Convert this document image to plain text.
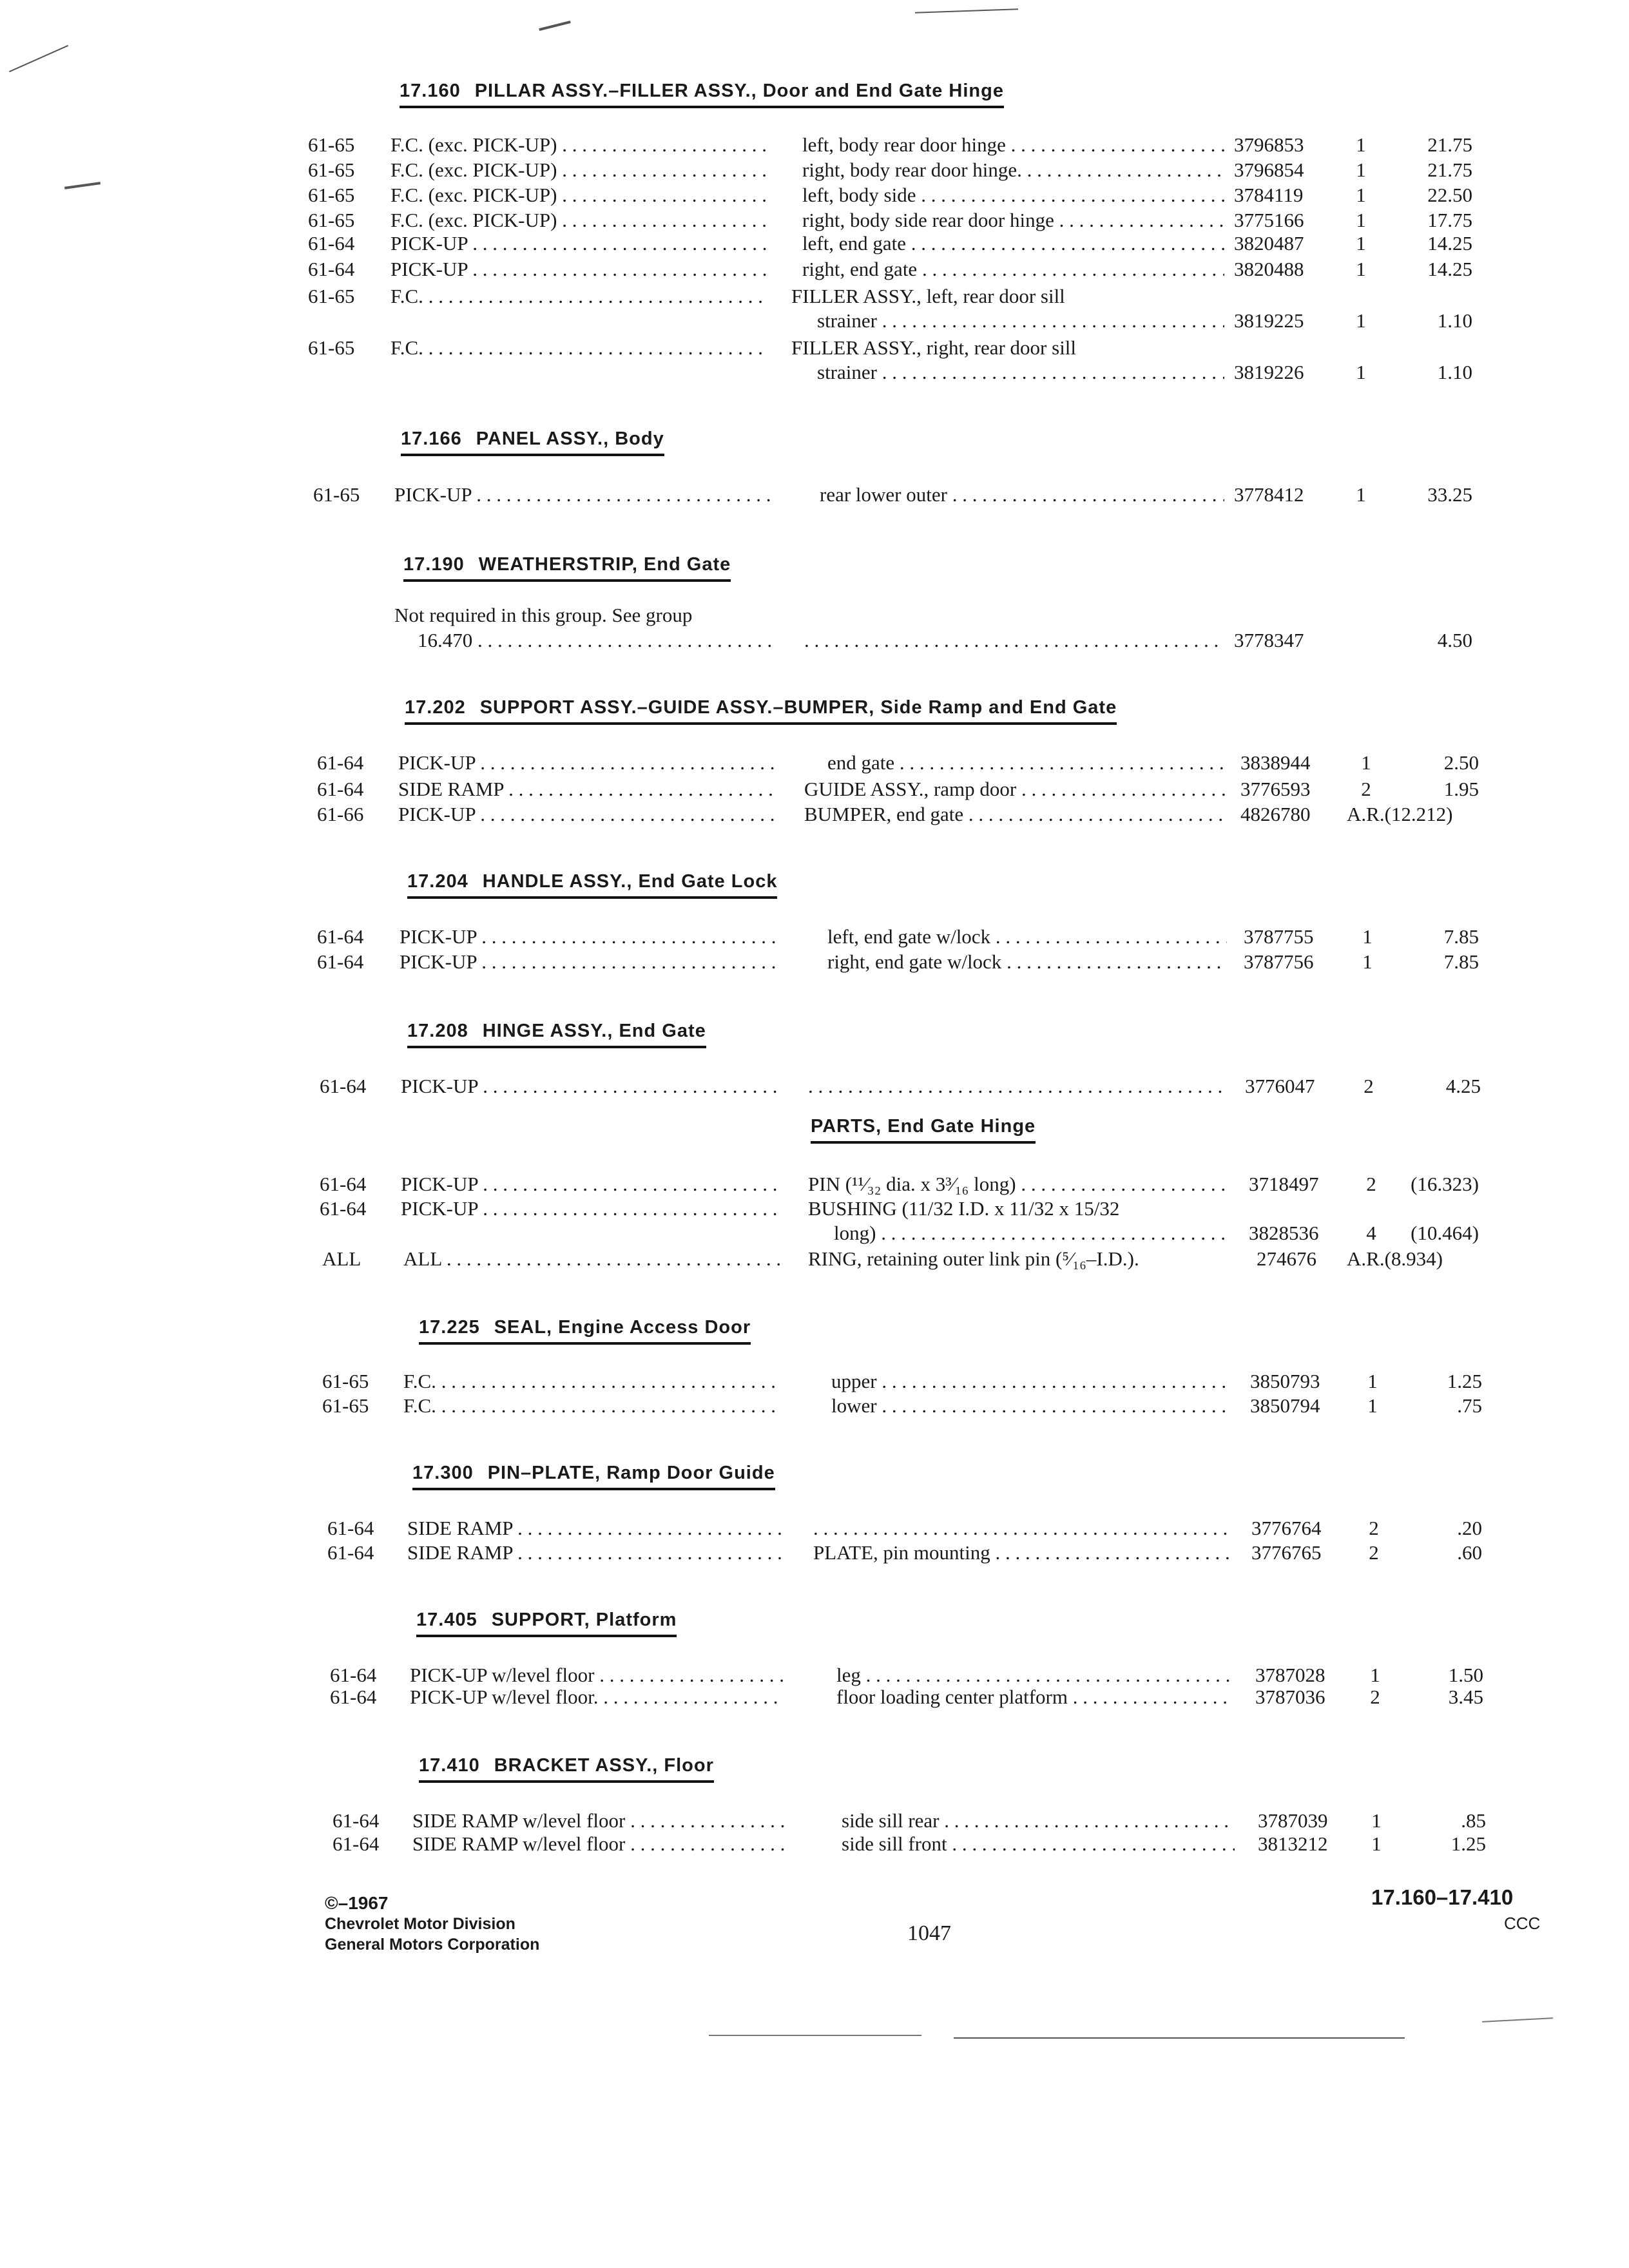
17.160 PILLAR ASSY.–FILLER ASSY., Door and End Gate Hinge
61-65	F.C. (exc. PICK-UP) . . .	left, body rear door hinge . . .	3796853	1	21.75
61-65	F.C. (exc. PICK-UP) . . .	right, body rear door hinge. . . .	3796854	1	21.75
61-65	F.C. (exc. PICK-UP) . . .	left, body side . . .	3784119	1	22.50
61-65	F.C. (exc. PICK-UP) . . .	right, body side rear door hinge . . .	3775166	1	17.75
61-64	PICK-UP . . .	left, end gate . . .	3820487	1	14.25
61-64	PICK-UP . . .	right, end gate . . .	3820488	1	14.25
61-65	F.C. . . .	FILLER ASSY., left, rear door sill
strainer . . .	3819225	1	1.10
61-65	F.C. . . .	FILLER ASSY., right, rear door sill
strainer . . .	3819226	1	1.10
17.166 PANEL ASSY., Body
61-65	PICK-UP . . .	rear lower outer . . .	3778412	1	33.25
17.190 WEATHERSTRIP, End Gate
Not required in this group. See group
16.470 . . . . . .	3778347	4.50
17.202 SUPPORT ASSY.–GUIDE ASSY.–BUMPER, Side Ramp and End Gate
61-64	PICK-UP . . .	end gate . . .	3838944	1	2.50
61-64	SIDE RAMP . . .	GUIDE ASSY., ramp door . . .	3776593	2	1.95
61-66	PICK-UP . . .	BUMPER, end gate . . .	4826780	A.R.(12.212)
17.204 HANDLE ASSY., End Gate Lock
61-64	PICK-UP . . .	left, end gate w/lock . . .	3787755	1	7.85
61-64	PICK-UP . . .	right, end gate w/lock . . .	3787756	1	7.85
17.208 HINGE ASSY., End Gate
61-64	PICK-UP . . . . . .	3776047	2	4.25
PARTS, End Gate Hinge
61-64	PICK-UP . . .	PIN (¹¹⁄₃₂ dia. x 3³⁄₁₆ long) . . .	3718497	2	(16.323)
61-64	PICK-UP . . .	BUSHING (11/32 I.D. x 11/32 x 15/32
long) . . .	3828536	4	(10.464)
ALL	ALL . . .	RING, retaining outer link pin (⁵⁄₁₆–I.D.).	274676	A.R.(8.934)
17.225 SEAL, Engine Access Door
61-65	F.C. . . .	upper . . .	3850793	1	1.25
61-65	F.C. . . .	lower . . .	3850794	1	.75
17.300 PIN–PLATE, Ramp Door Guide
61-64	SIDE RAMP . . . . . .	3776764	2	.20
61-64	SIDE RAMP . . .	PLATE, pin mounting . . .	3776765	2	.60
17.405 SUPPORT, Platform
61-64	PICK-UP w/level floor . . .	leg . . .	3787028	1	1.50
61-64	PICK-UP w/level floor. . . .	floor loading center platform . . .	3787036	2	3.45
17.410 BRACKET ASSY., Floor
61-64	SIDE RAMP w/level floor . . .	side sill rear . . .	3787039	1	.85
61-64	SIDE RAMP w/level floor . . .	side sill front . . .	3813212	1	1.25
©–1967
Chevrolet Motor Division
General Motors Corporation	1047
17.160–17.410
CCC
